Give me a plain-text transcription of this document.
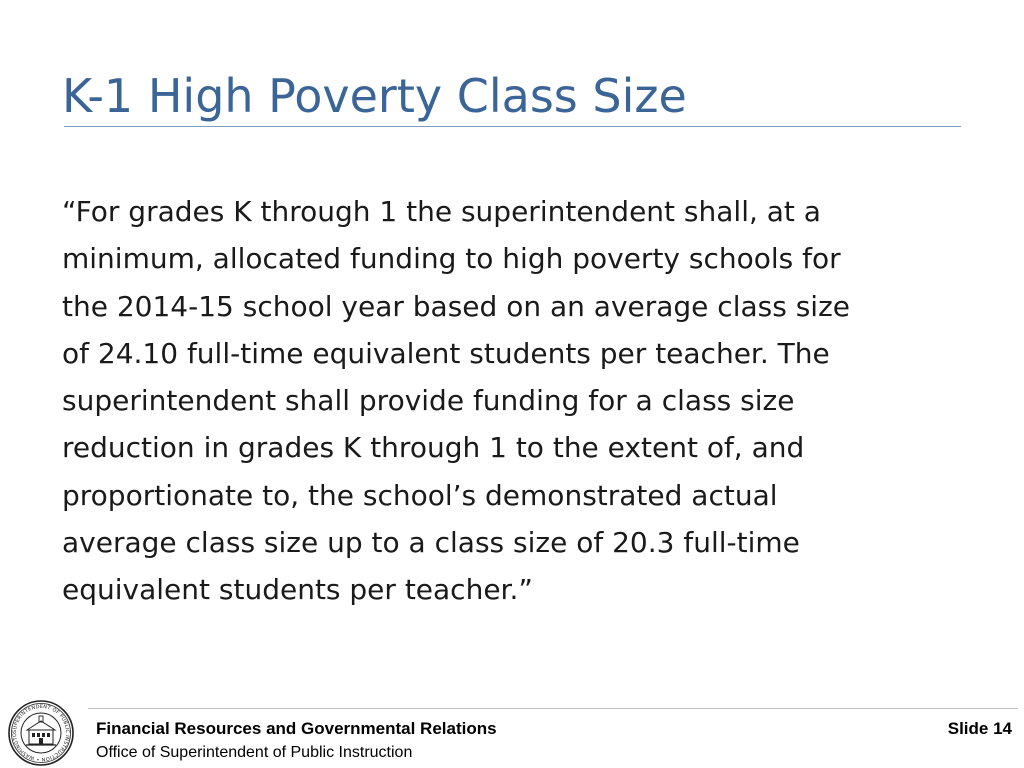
K-1 High Poverty Class Size

“For grades K through 1 the superintendent shall, at a
minimum, allocated funding to high poverty schools for
the 2014-15 school year based on an average class size
of 24.10 full-time equivalent students per teacher. The
superintendent shall provide funding for a class size
reduction in grades K through 1 to the extent of, and
proportionate to, the school’s demonstrated actual
average class size up to a class size of 20.3 full-time
equivalent students per teacher.”

SUPERINTENDENT OF PUBLIC INSTRUCTION • WASHINGTO	Financial Resources and Governmental Relations
Office of Superintendent of Public Instruction
Slide 14
